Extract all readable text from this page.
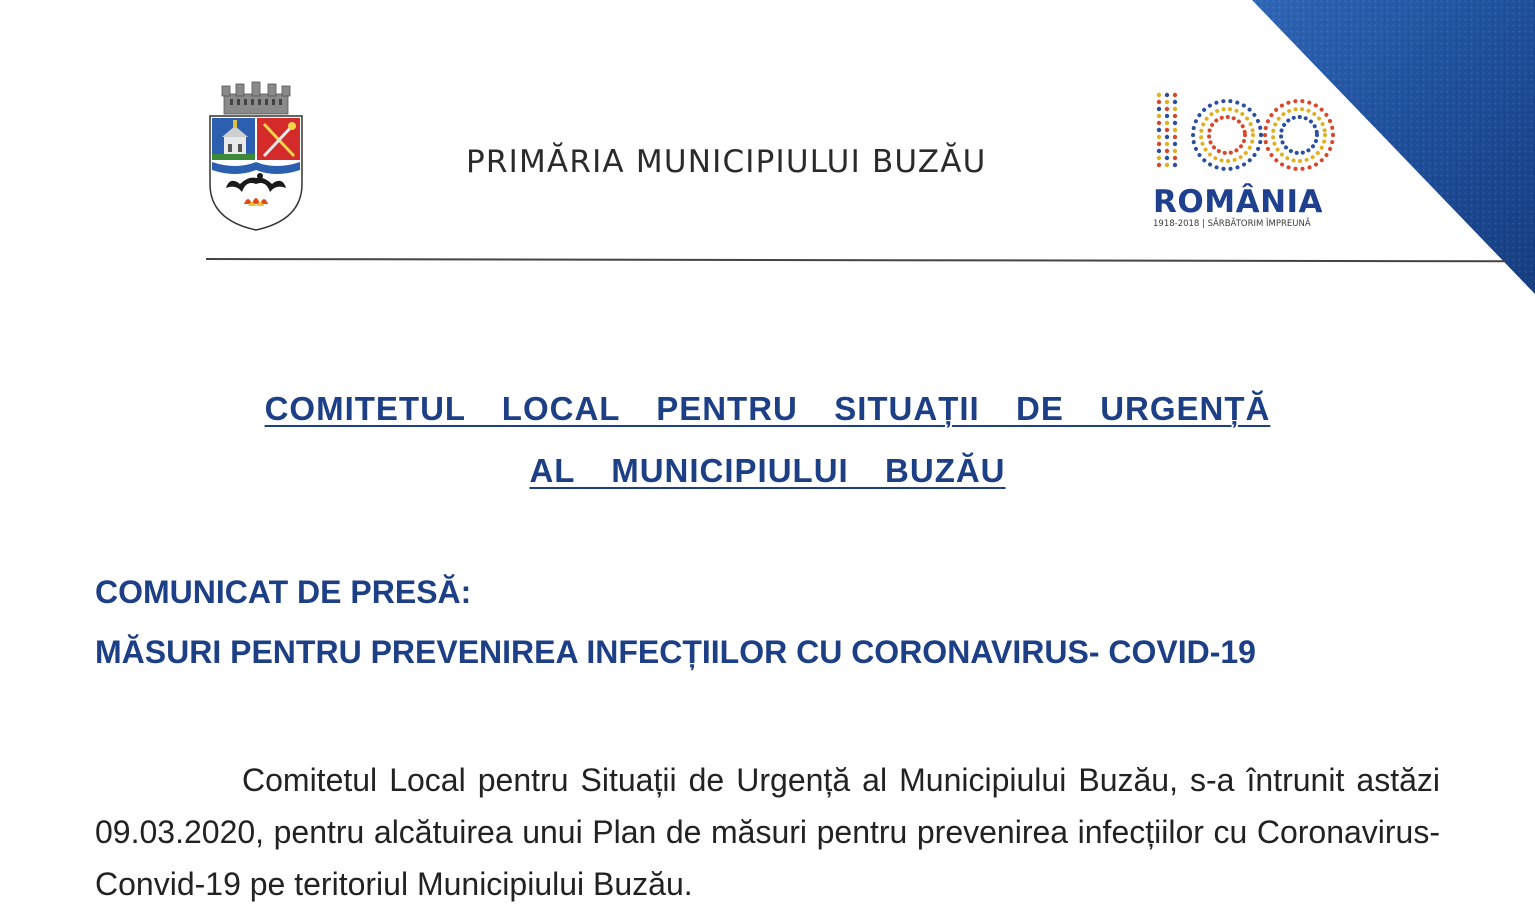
PRIMĂRIA MUNICIPIULUI BUZĂU
ROMÂNIA
1918-2018 | SĂRBĂTORIM ÎMPREUNĂ
COMITETUL  LOCAL  PENTRU  SITUAȚII  DE  URGENȚĂ
AL  MUNICIPIULUI  BUZĂU
COMUNICAT DE PRESĂ:
MĂSURI PENTRU PREVENIREA INFECȚIILOR CU CORONAVIRUS- COVID-19
Comitetul Local pentru Situații de Urgență al Municipiului Buzău, s-a întrunit astăzi 09.03.2020, pentru alcătuirea unui Plan de măsuri pentru prevenirea infecțiilor cu Coronavirus- Convid-19 pe teritoriul Municipiului Buzău.
